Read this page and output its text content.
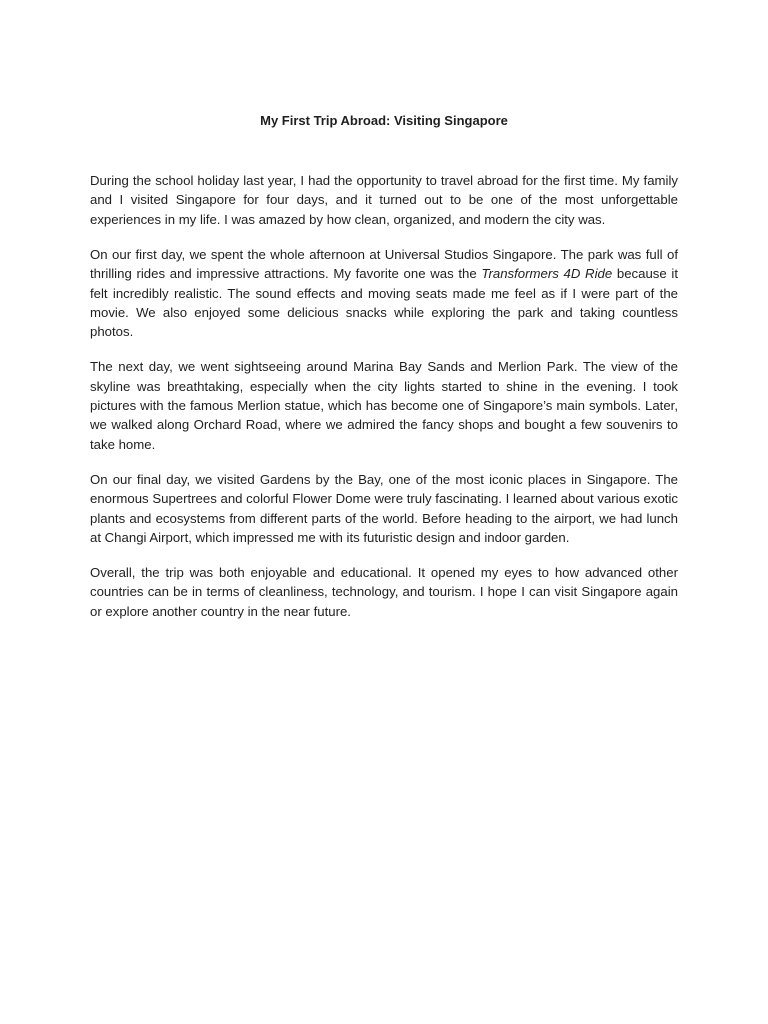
My First Trip Abroad: Visiting Singapore

During the school holiday last year, I had the opportunity to travel abroad for the first time. My family and I visited Singapore for four days, and it turned out to be one of the most unforgettable experiences in my life. I was amazed by how clean, organized, and modern the city was.

On our first day, we spent the whole afternoon at Universal Studios Singapore. The park was full of thrilling rides and impressive attractions. My favorite one was the Transformers 4D Ride because it felt incredibly realistic. The sound effects and moving seats made me feel as if I were part of the movie. We also enjoyed some delicious snacks while exploring the park and taking countless photos.

The next day, we went sightseeing around Marina Bay Sands and Merlion Park. The view of the skyline was breathtaking, especially when the city lights started to shine in the evening. I took pictures with the famous Merlion statue, which has become one of Singapore’s main symbols. Later, we walked along Orchard Road, where we admired the fancy shops and bought a few souvenirs to take home.

On our final day, we visited Gardens by the Bay, one of the most iconic places in Singapore. The enormous Supertrees and colorful Flower Dome were truly fascinating. I learned about various exotic plants and ecosystems from different parts of the world. Before heading to the airport, we had lunch at Changi Airport, which impressed me with its futuristic design and indoor garden.

Overall, the trip was both enjoyable and educational. It opened my eyes to how advanced other countries can be in terms of cleanliness, technology, and tourism. I hope I can visit Singapore again or explore another country in the near future.
